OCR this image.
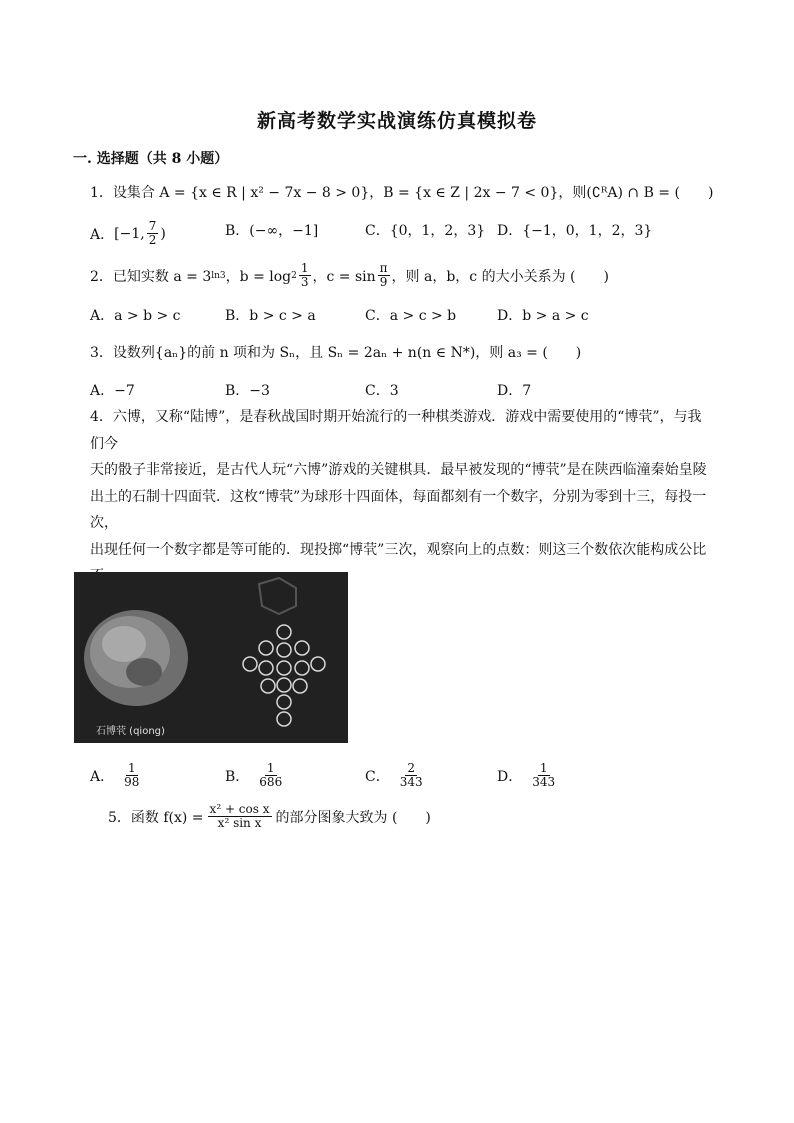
新高考数学实战演练仿真模拟卷
一. 选择题（共 8 小题）
1．设集合 A = {x ∈ R | x² − 7x − 8 > 0}，B = {x ∈ Z | 2x − 7 < 0}，则(∁ᴿA) ∩ B = (　　)
A． [−1, $\frac{7}{2}$ )	B．(−∞，−1]	C．{0，1，2，3} D．{−1，0，1，2，3}
2．已知实数 a = 3 ln3 ，$b = \log 2 \frac{1}{3}$ ，$c = \sin \frac{\pi}{9}$ ，则 a，b，c 的大小关系为 (　　)
A．a > b > c	B．b > c > a	C．a > c > b	D．b > a > c
3．设数列{aₙ}的前 n 项和为 Sₙ，且 Sₙ = 2aₙ + n(n ∈ N*)，则 a₃ = (　　)
A．−7	B．−3	C．3	D．7
4．六博，又称“陆博”，是春秋战国时期开始流行的一种棋类游戏．游戏中需要使用的“博茕”，与我们今
天的骰子非常接近，是古代人玩“六博”游戏的关键棋具．最早被发现的“博茕”是在陕西临潼秦始皇陵
出土的石制十四面茕．这枚“博茕”为球形十四面体，每面都刻有一个数字，分别为零到十三，每投一次，
出现任何一个数字都是等可能的．现投掷“博茕”三次，观察向上的点数：则这三个数依次能构成公比
石博茕 (qiong)
A． $\frac{1}{98}$	B． $\frac{1}{686}$	C． $\frac{2}{343}$	D． $\frac{1}{343}$
5．函数 $f(x) = \frac{\text{x² + cos x}}{\text{x² sin x}}$ 的部分图象大致为 (　　)
